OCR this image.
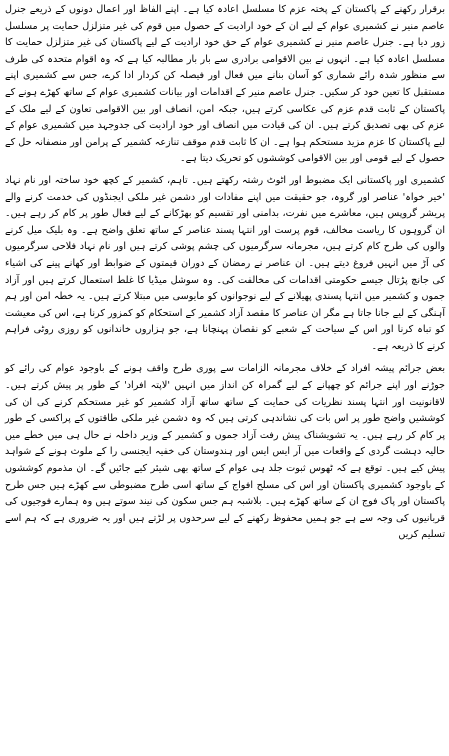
برقرار رکھنے کے پاکستان کے پختہ عزم کا مسلسل اعادہ کیا ہے۔ اپنے الفاظ اور اعمال دونوں کے ذریعے جنرل عاصم منیر نے کشمیری عوام کے لیے ان کے خود ارادیت کے حصول میں قوم کی غیر متزلزل حمایت پر مسلسل زور دیا ہے۔ جنرل عاصم منیر نے کشمیری عوام کے حق خود ارادیت کے لیے پاکستان کی غیر متزلزل حمایت کا مسلسل اعادہ کیا ہے۔ انہوں نے بین الاقوامی برادری سے بار بار مطالبہ کیا ہے کہ وہ اقوام متحدہ کی طرف سے منظور شدہ رائے شماری کو آسان بنانے میں فعال اور فیصلہ کن کردار ادا کرے، جس سے کشمیری اپنے مستقبل کا تعین خود کر سکیں۔ جنرل عاصم منیر کے اقدامات اور بیانات کشمیری عوام کے ساتھ کھڑے ہونے کے پاکستان کے ثابت قدم عزم کی عکاسی کرتے ہیں، جبکہ امن، انصاف اور بین الاقوامی تعاون کے لیے ملک کے عزم کی بھی تصدیق کرتے ہیں۔ ان کی قیادت میں انصاف اور خود ارادیت کی جدوجہد میں کشمیری عوام کے لیے پاکستان کا عزم مزید مستحکم ہوا ہے۔ ان کا ثابت قدم موقف تنازعہ کشمیر کے پرامن اور منصفانہ حل کے حصول کے لیے قومی اور بین الاقوامی کوششوں کو تحریک دیتا ہے۔

کشمیری اور پاکستانی ایک مضبوط اور اٹوٹ رشتہ رکھتے ہیں۔ تاہم، کشمیر کے کچھ خود ساختہ اور نام نہاد 'خیر خواہ' عناصر اور گروہ، جو حقیقت میں اپنے مفادات اور دشمن غیر ملکی ایجنڈوں کی خدمت کرنے والے پریشر گروپس ہیں، معاشرے میں نفرت، بدامنی اور تقسیم کو بھڑکانے کے لیے فعال طور پر کام کر رہے ہیں۔ ان گروہوں کا ریاست مخالف، قوم پرست اور انتہا پسند عناصر کے ساتھ تعلق واضح ہے۔ وہ بلیک میل کرنے والوں کی طرح کام کرتے ہیں، مجرمانہ سرگرمیوں کی چشم پوشی کرتے ہیں اور نام نہاد فلاحی سرگرمیوں کی آڑ میں انہیں فروغ دیتے ہیں۔ ان عناصر نے رمضان کے دوران قیمتوں کے ضوابط اور کھانے پینے کی اشیاء کی جانچ پڑتال جیسے حکومتی اقدامات کی مخالفت کی۔ وہ سوشل میڈیا کا غلط استعمال کرتے ہیں اور آزاد جموں و کشمیر میں انتہا پسندی پھیلانے کے لیے نوجوانوں کو مایوسی میں مبتلا کرتے ہیں۔ یہ خطہ امن اور ہم آہنگی کے لیے جانا جاتا ہے مگر ان عناصر کا مقصد آزاد کشمیر کے استحکام کو کمزور کرنا ہے، اس کی معیشت کو تباہ کرنا اور اس کے سیاحت کے شعبے کو نقصان پہنچانا ہے، جو ہزاروں خاندانوں کو روزی روٹی فراہم کرنے کا ذریعہ ہے۔

بعض جرائم پیشہ افراد کے خلاف مجرمانہ الزامات سے پوری طرح واقف ہونے کے باوجود عوام کی رائے کو جوڑنے اور اپنے جرائم کو چھپانے کے لیے گمراہ کن انداز میں انہیں 'لاپتہ افراد' کے طور پر پیش کرتے ہیں۔ لاقانونیت اور انتہا پسند نظریات کی حمایت کے ساتھ ساتھ آزاد کشمیر کو غیر مستحکم کرنے کی ان کی کوششیں واضح طور پر اس بات کی نشاندہی کرتی ہیں کہ وہ دشمن غیر ملکی طاقتوں کے پراکسی کے طور پر کام کر رہے ہیں۔ یہ تشویشناک پیش رفت آزاد جموں و کشمیر کے وزیر داخلہ نے حال ہی میں خطے میں حالیہ دہشت گردی کے واقعات میں آر ایس ایس اور ہندوستان کی خفیہ ایجنسی را کے ملوث ہونے کے شواہد پیش کیے ہیں۔ توقع ہے کہ ٹھوس ثبوت جلد ہی عوام کے ساتھ بھی شیئر کیے جائیں گے۔ ان مذموم کوششوں کے باوجود کشمیری پاکستان اور اس کی مسلح افواج کے ساتھ اسی طرح مضبوطی سے کھڑے ہیں جس طرح پاکستان اور پاک فوج ان کے ساتھ کھڑے ہیں۔ بلاشبہ ہم جس سکون کی نیند سوتے ہیں وہ ہمارے فوجیوں کی قربانیوں کی وجہ سے ہے جو ہمیں محفوظ رکھنے کے لیے سرحدوں پر لڑتے ہیں اور یہ ضروری ہے کہ ہم اسے تسلیم کریں
